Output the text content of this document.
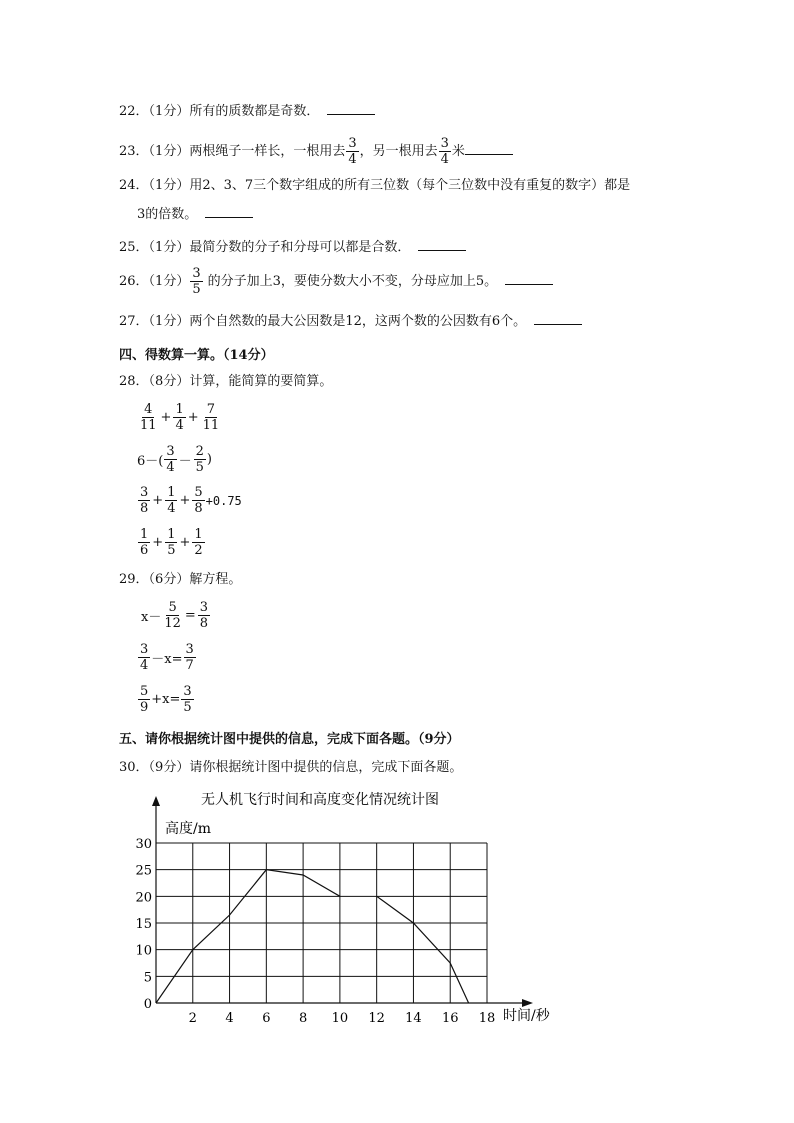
22．（1分）所有的质数都是奇数．
23．（1分）两根绳子一样长，一根用去 $\frac{3}{4}$ ，另一根用去 $\frac{3}{4}$ 米
24．（1分）用2、3、7三个数字组成的所有三位数（每个三位数中没有重复的数字）都是
3的倍数。
25．（1分）最简分数的分子和分母可以都是合数．
26．（1分） $\frac{3}{5}$ 的分子加上3，要使分数大小不变，分母应加上5。
27．（1分）两个自然数的最大公因数是12，这两个数的公因数有6个。
四、得数算一算。（14分）
28．（8分）计算，能简算的要简算。
$\frac{4}{11} + \frac{1}{4} + \frac{7}{11}$
$6-( \frac{3}{4} - \frac{2}{5}$ )
$\frac{3}{8} + \frac{1}{4} + \frac{5}{8} +0.75$
$\frac{1}{6} + \frac{1}{5} + \frac{1}{2}$
29．（6分）解方程。
$x- \frac{5}{12} = \frac{3}{8}$
$\frac{3}{4} -x= \frac{3}{7}$
$\frac{5}{9} +x= \frac{3}{5}$
五、请你根据统计图中提供的信息，完成下面各题。（9分）
30．（9分）请你根据统计图中提供的信息，完成下面各题。
无人机飞行时间和高度变化情况统计图
高度/m
时间/秒
2 4 6 8 10 12 14 16 18
0
5
10
15
20
25
30
